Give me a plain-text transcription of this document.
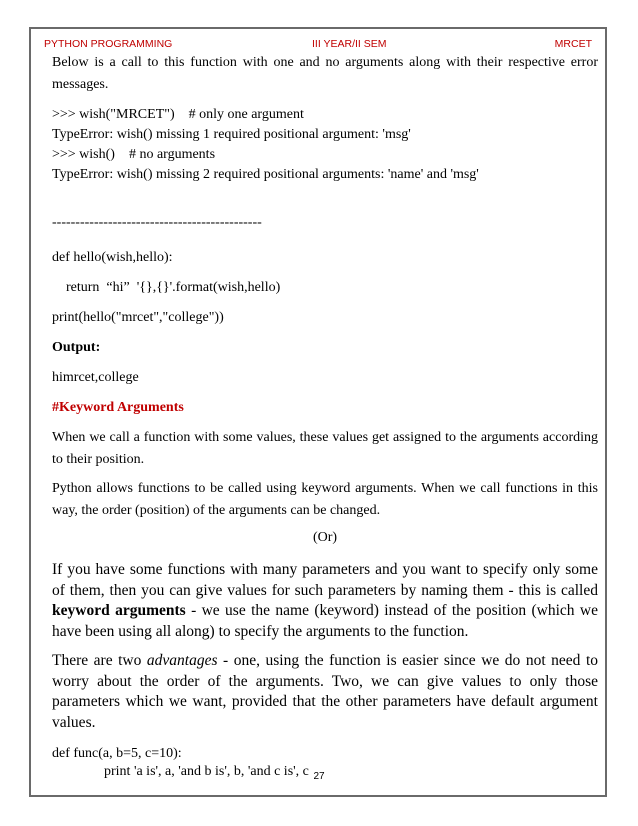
PYTHON PROGRAMMING	III YEAR/II SEM	MRCET

Below is a call to this function with one and no arguments along with their respective error messages.

>>> wish("MRCET")    # only one argument

TypeError: wish() missing 1 required positional argument: 'msg'

>>> wish()    # no arguments

TypeError: wish() missing 2 required positional arguments: 'name' and 'msg'

---------------------------------------------

def hello(wish,hello):

return  “hi”  '{},{}'.format(wish,hello)

print(hello("mrcet","college"))

Output:

himrcet,college

#Keyword Arguments

When we call a function with some values, these values get assigned to the arguments according to their position.

Python allows functions to be called using keyword arguments. When we call functions in this way, the order (position) of the arguments can be changed.

(Or)

If you have some functions with many parameters and you want to specify only some of them, then you can give values for such parameters by naming them - this is called keyword arguments - we use the name (keyword) instead of the position (which we have been using all along) to specify the arguments to the function.

There are two advantages - one, using the function is easier since we do not need to worry about the order of the arguments. Two, we can give values to only those parameters which we want, provided that the other parameters have default argument values.

def func(a, b=5, c=10):

print 'a is', a, 'and b is', b, 'and c is', c 27
